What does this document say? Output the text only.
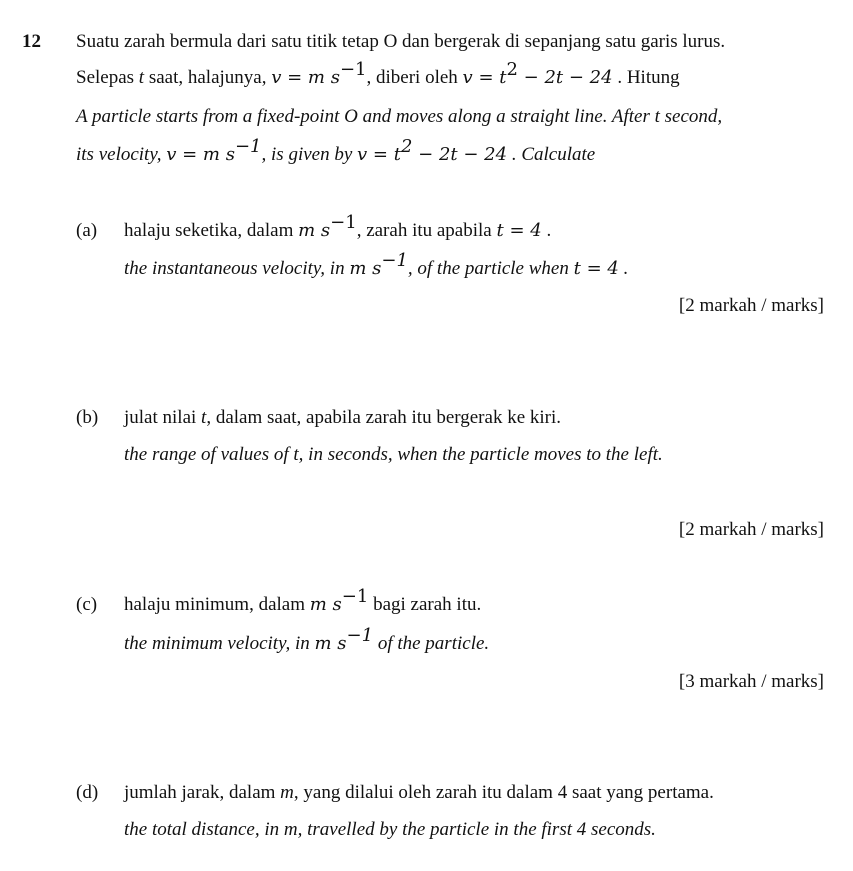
12 Suatu zarah bermula dari satu titik tetap O dan bergerak di sepanjang satu garis lurus.
Selepas t saat, halajunya, v = m $s^{-1}$, diberi oleh $v = t^2 - 2t - 24$ . Hitung
A particle starts from a fixed-point O and moves along a straight line. After t second,
its velocity, v = m $s^{-1}$, is given by $v = t^2 - 2t - 24$ . Calculate
(a) halaju seketika, dalam m $s^{-1}$, zarah itu apabila t = 4 .
the instantaneous velocity, in m $s^{-1}$, of the particle when t = 4 .
[2 markah / marks]
(b) julat nilai t, dalam saat, apabila zarah itu bergerak ke kiri.
the range of values of t, in seconds, when the particle moves to the left.
[2 markah / marks]
(c) halaju minimum, dalam m $s^{-1}$ bagi zarah itu.
the minimum velocity, in m $s^{-1}$ of the particle.
[3 markah / marks]
(d) jumlah jarak, dalam m, yang dilalui oleh zarah itu dalam 4 saat yang pertama.
the total distance, in m, travelled by the particle in the first 4 seconds.
